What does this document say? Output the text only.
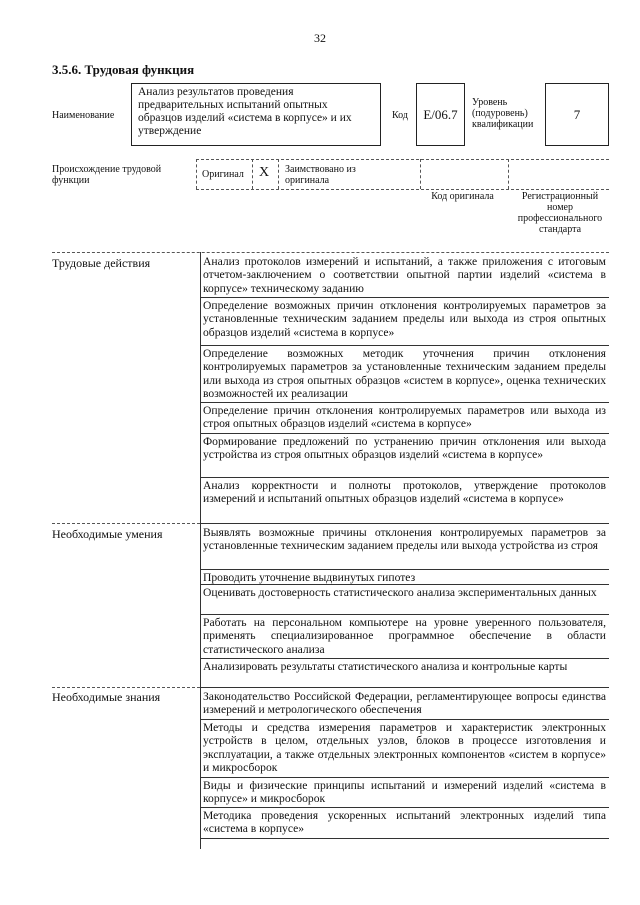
32
3.5.6. Трудовая функция
Наименование
Анализ результатов проведения предварительных испытаний опытных образцов изделий «система в корпусе» и их утверждение
Код Е/06.7
Уровень (подуровень) квалификации
7
Происхождение трудовой функции
Оригинал X Заимствовано из оригинала
Код оригинала	Регистрационный номер профессионального стандарта
Трудовые действия
Необходимые умения
Необходимые знания
Анализ протоколов измерений и испытаний, а также приложения с итоговым отчетом-заключением о соответствии опытной партии изделий «система в корпусе» техническому заданию
Определение возможных причин отклонения контролируемых параметров за установленные техническим заданием пределы или выхода из строя опытных образцов изделий «система в корпусе»
Определение возможных методик уточнения причин отклонения контролируемых параметров за установленные техническим заданием пределы или выхода из строя опытных образцов «систем в корпусе», оценка технических возможностей их реализации
Определение причин отклонения контролируемых параметров или выхода из строя опытных образцов изделий «система в корпусе»
Формирование предложений по устранению причин отклонения или выхода устройства из строя опытных образцов изделий «система в корпусе»
Анализ корректности и полноты протоколов, утверждение протоколов измерений и испытаний опытных образцов изделий «система в корпусе»
Выявлять возможные причины отклонения контролируемых параметров за установленные техническим заданием пределы или выхода устройства из строя
Проводить уточнение выдвинутых гипотез
Оценивать достоверность статистического анализа экспериментальных данных
Работать на персональном компьютере на уровне уверенного пользователя, применять специализированное программное обеспечение в области статистического анализа
Анализировать результаты статистического анализа и контрольные карты
Законодательство Российской Федерации, регламентирующее вопросы единства измерений и метрологического обеспечения
Методы и средства измерения параметров и характеристик электронных устройств в целом, отдельных узлов, блоков в процессе изготовления и эксплуатации, а также отдельных электронных компонентов «систем в корпусе» и микросборок
Виды и физические принципы испытаний и измерений изделий «система в корпусе» и микросборок
Методика проведения ускоренных испытаний электронных изделий типа «система в корпусе»
